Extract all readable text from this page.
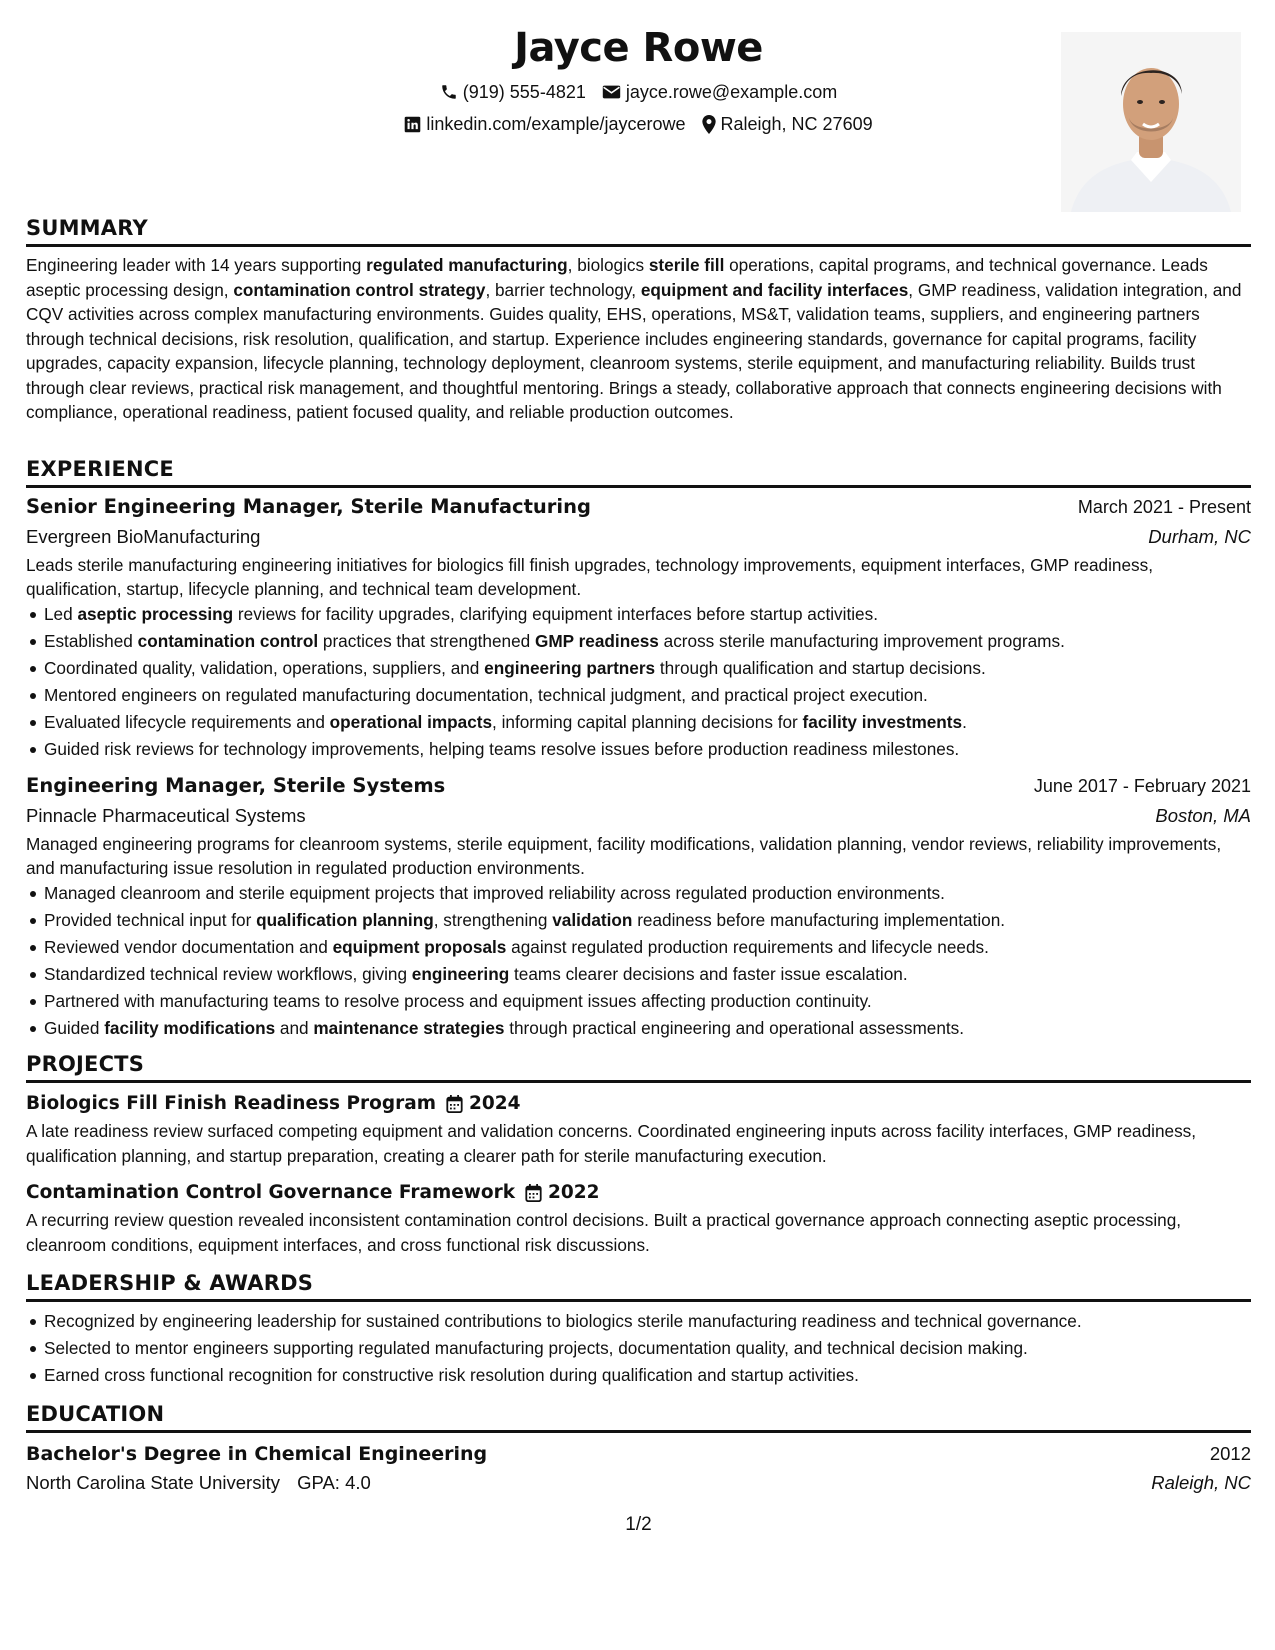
Jayce Rowe
(919) 555-4821 jayce.rowe@example.com
linkedin.com/example/jaycerowe Raleigh, NC 27609
SUMMARY

Engineering leader with 14 years supporting regulated manufacturing, biologics sterile fill operations, capital programs, and technical governance. Leads aseptic processing design, contamination control strategy, barrier technology, equipment and facility interfaces, GMP readiness, validation integration, and CQV activities across complex manufacturing environments. Guides quality, EHS, operations, MS&T, validation teams, suppliers, and engineering partners through technical decisions, risk resolution, qualification, and startup. Experience includes engineering standards, governance for capital programs, facility upgrades, capacity expansion, lifecycle planning, technology deployment, cleanroom systems, sterile equipment, and manufacturing reliability. Builds trust through clear reviews, practical risk management, and thoughtful mentoring. Brings a steady, collaborative approach that connects engineering decisions with compliance, operational readiness, patient focused quality, and reliable production outcomes.

EXPERIENCE
Senior Engineering Manager, Sterile Manufacturing	March 2021 - Present
Evergreen BioManufacturing	Durham, NC

Leads sterile manufacturing engineering initiatives for biologics fill finish upgrades, technology improvements, equipment interfaces, GMP readiness, qualification, startup, lifecycle planning, and technical team development.

Led aseptic processing reviews for facility upgrades, clarifying equipment interfaces before startup activities.
Established contamination control practices that strengthened GMP readiness across sterile manufacturing improvement programs.
Coordinated quality, validation, operations, suppliers, and engineering partners through qualification and startup decisions.
Mentored engineers on regulated manufacturing documentation, technical judgment, and practical project execution.
Evaluated lifecycle requirements and operational impacts, informing capital planning decisions for facility investments.
Guided risk reviews for technology improvements, helping teams resolve issues before production readiness milestones.
Engineering Manager, Sterile Systems	June 2017 - February 2021
Pinnacle Pharmaceutical Systems	Boston, MA

Managed engineering programs for cleanroom systems, sterile equipment, facility modifications, validation planning, vendor reviews, reliability improvements, and manufacturing issue resolution in regulated production environments.

Managed cleanroom and sterile equipment projects that improved reliability across regulated production environments.
Provided technical input for qualification planning, strengthening validation readiness before manufacturing implementation.
Reviewed vendor documentation and equipment proposals against regulated production requirements and lifecycle needs.
Standardized technical review workflows, giving engineering teams clearer decisions and faster issue escalation.
Partnered with manufacturing teams to resolve process and equipment issues affecting production continuity.
Guided facility modifications and maintenance strategies through practical engineering and operational assessments.
PROJECTS
Biologics Fill Finish Readiness Program 2024

A late readiness review surfaced competing equipment and validation concerns. Coordinated engineering inputs across facility interfaces, GMP readiness, qualification planning, and startup preparation, creating a clearer path for sterile manufacturing execution.

Contamination Control Governance Framework 2022

A recurring review question revealed inconsistent contamination control decisions. Built a practical governance approach connecting aseptic processing, cleanroom conditions, equipment interfaces, and cross functional risk discussions.

LEADERSHIP & AWARDS
Recognized by engineering leadership for sustained contributions to biologics sterile manufacturing readiness and technical governance.
Selected to mentor engineers supporting regulated manufacturing projects, documentation quality, and technical decision making.
Earned cross functional recognition for constructive risk resolution during qualification and startup activities.
EDUCATION
Bachelor's Degree in Chemical Engineering	2012
North Carolina State University GPA: 4.0	Raleigh, NC
1/2
